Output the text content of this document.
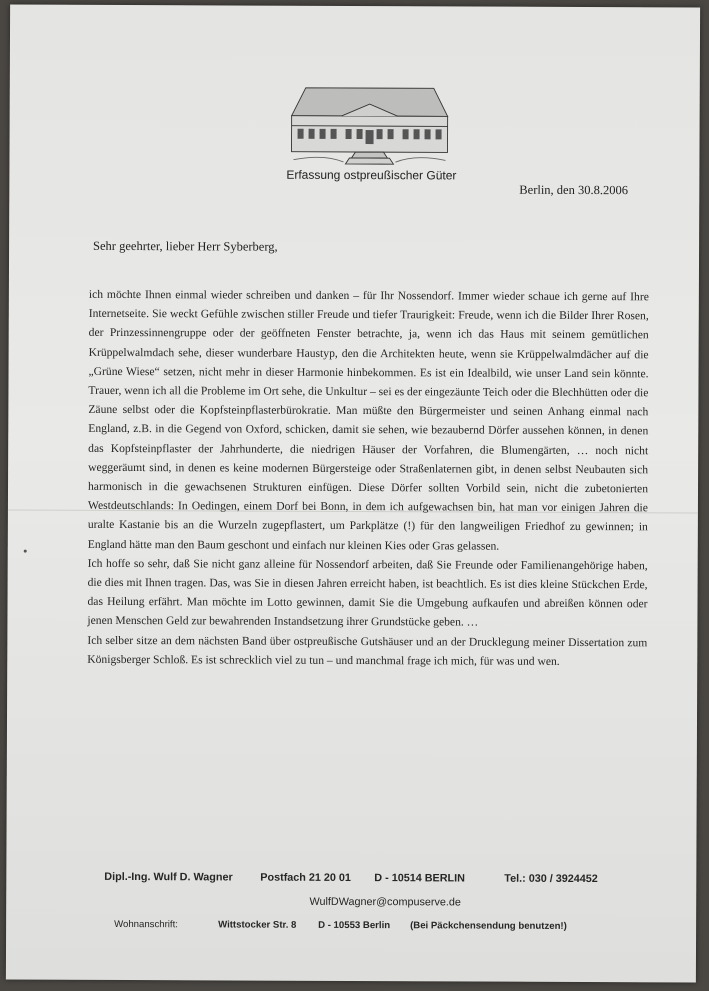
Erfassung ostpreußischer Güter
Berlin, den 30.8.2006
Sehr geehrter, lieber Herr Syberberg,

ich möchte Ihnen einmal wieder schreiben und danken – für Ihr Nossendorf. Immer wieder schaue ich gerne auf Ihre Internetseite. Sie weckt Gefühle zwischen stiller Freude und tiefer Traurigkeit: Freude, wenn ich die Bilder Ihrer Rosen, der Prinzessinnengruppe oder der geöffneten Fenster betrachte, ja, wenn ich das Haus mit seinem gemütlichen Krüppelwalmdach sehe, dieser wunderbare Haustyp, den die Architekten heute, wenn sie Krüppelwalmdächer auf die „Grüne Wiese“ setzen, nicht mehr in dieser Harmonie hinbekommen. Es ist ein Idealbild, wie unser Land sein könnte. Trauer, wenn ich all die Probleme im Ort sehe, die Unkultur – sei es der eingezäunte Teich oder die Blechhütten oder die Zäune selbst oder die Kopfsteinpflasterbürokratie. Man müßte den Bürgermeister und seinen Anhang einmal nach England, z.B. in die Gegend von Oxford, schicken, damit sie sehen, wie bezaubernd Dörfer aussehen können, in denen das Kopfsteinpflaster der Jahrhunderte, die niedrigen Häuser der Vorfahren, die Blumengärten, … noch nicht weggeräumt sind, in denen es keine modernen Bürgersteige oder Straßenlaternen gibt, in denen selbst Neubauten sich harmonisch in die gewachsenen Strukturen einfügen. Diese Dörfer sollten Vorbild sein, nicht die zubetonierten Westdeutschlands: In Oedingen, einem Dorf bei Bonn, in dem ich aufgewachsen bin, hat man vor einigen Jahren die uralte Kastanie bis an die Wurzeln zugepflastert, um Parkplätze (!) für den langweiligen Friedhof zu gewinnen; in England hätte man den Baum geschont und einfach nur kleinen Kies oder Gras gelassen.

Ich hoffe so sehr, daß Sie nicht ganz alleine für Nossendorf arbeiten, daß Sie Freunde oder Familienangehörige haben, die dies mit Ihnen tragen. Das, was Sie in diesen Jahren erreicht haben, ist beachtlich. Es ist dies kleine Stückchen Erde, das Heilung erfährt. Man möchte im Lotto gewinnen, damit Sie die Umgebung aufkaufen und abreißen können oder jenen Menschen Geld zur bewahrenden Instandsetzung ihrer Grundstücke geben. …

Ich selber sitze an dem nächsten Band über ostpreußische Gutshäuser und an der Drucklegung meiner Dissertation zum Königsberger Schloß. Es ist schrecklich viel zu tun – und manchmal frage ich mich, für was und wen.

Dipl.-Ing. Wulf D. Wagner	Postfach 21 20 01 D - 10514 BERLIN	Tel.: 030 / 3924452
WulfDWagner@compuserve.de
Wohnanschrift:	Wittstocker Str. 8 D - 10553 Berlin (Bei Päckchensendung benutzen!)
